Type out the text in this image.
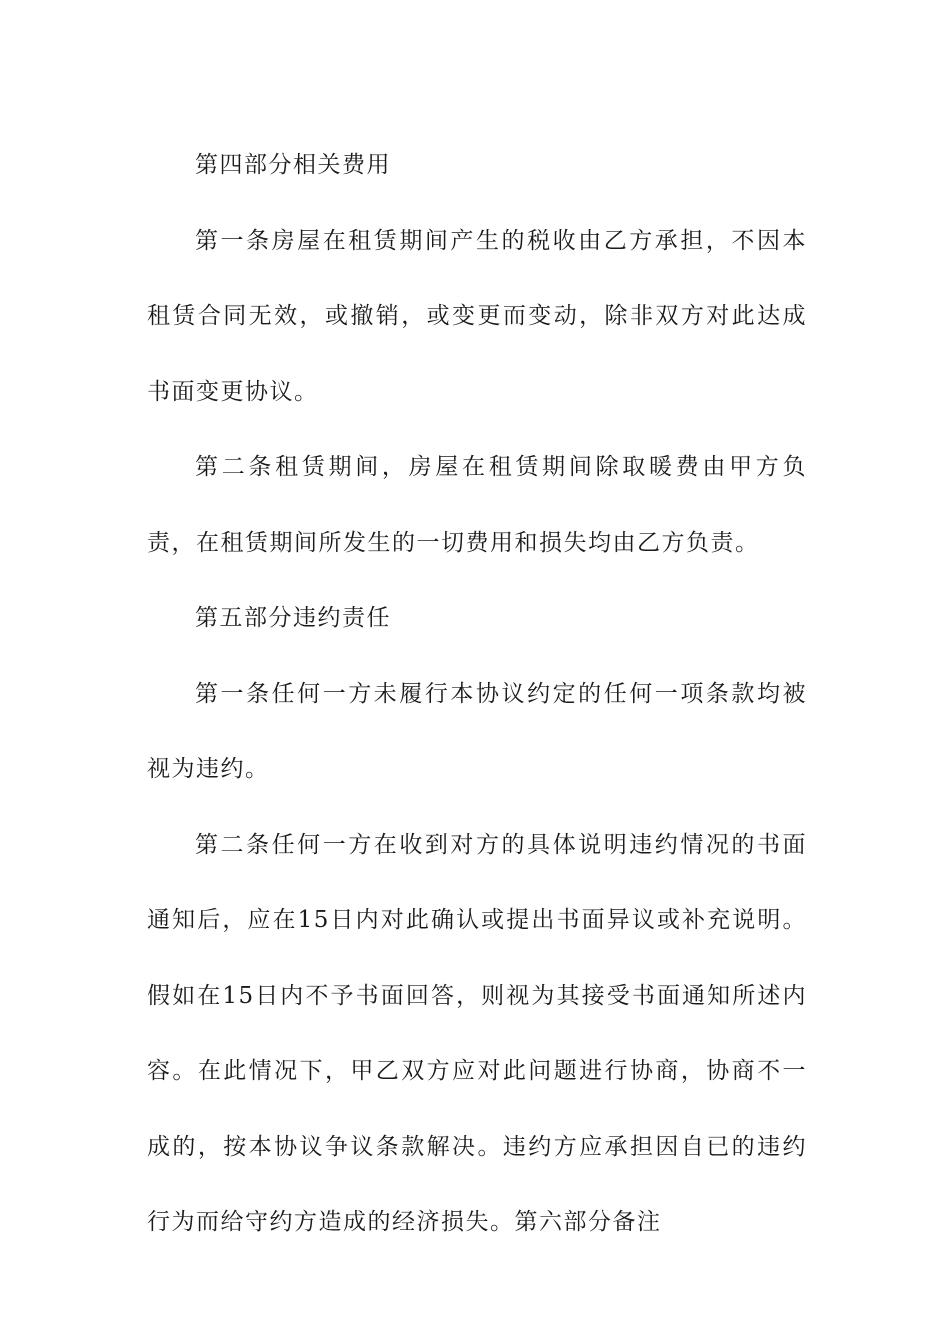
第四部分相关费用

第一条房屋在租赁期间产生的税收由乙方承担，不因本租赁合同无效，或撤销，或变更而变动，除非双方对此达成书面变更协议。

第二条租赁期间，房屋在租赁期间除取暖费由甲方负责，在租赁期间所发生的一切费用和损失均由乙方负责。

第五部分违约责任

第一条任何一方未履行本协议约定的任何一项条款均被视为违约。

第二条任何一方在收到对方的具体说明违约情况的书面通知后，应在15日内对此确认或提出书面异议或补充说明。假如在15日内不予书面回答，则视为其接受书面通知所述内容。在此情况下，甲乙双方应对此问题进行协商，协商不一成的，按本协议争议条款解决。违约方应承担因自已的违约行为而给守约方造成的经济损失。第六部分备注
